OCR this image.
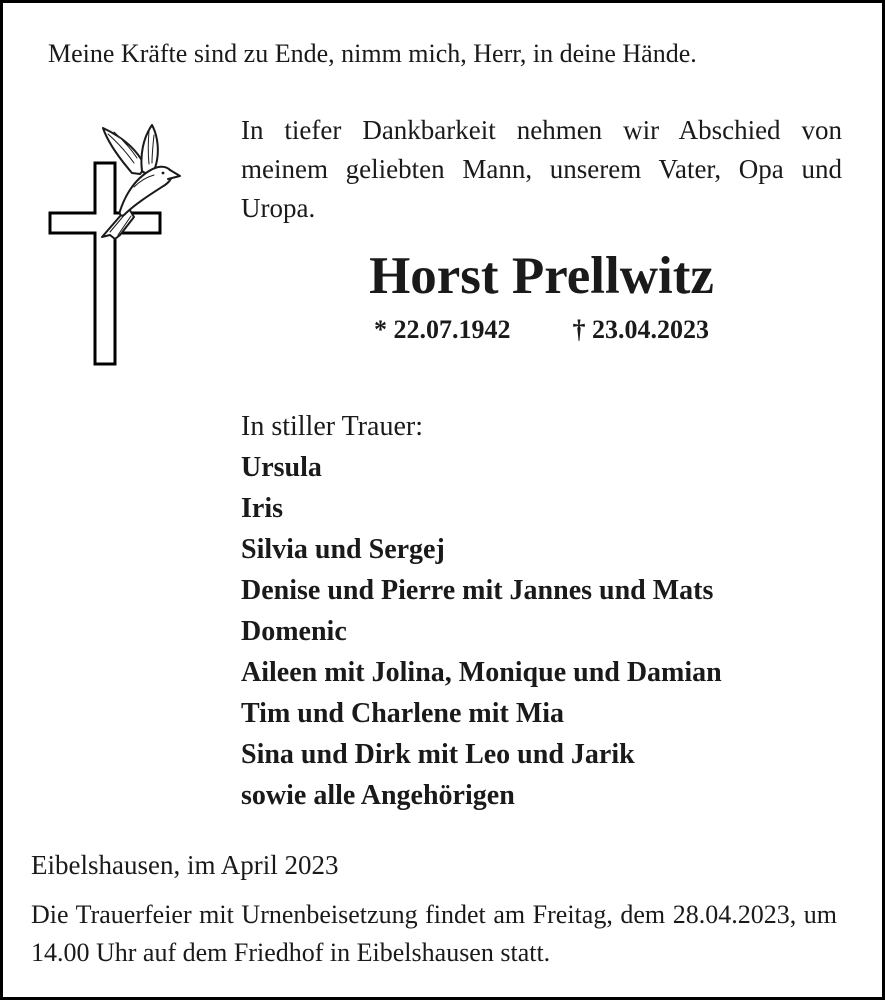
Meine Kräfte sind zu Ende, nimm mich, Herr, in deine Hände.
In tiefer Dankbarkeit nehmen wir Abschied von meinem geliebten Mann, unserem Vater, Opa und Uropa.
Horst Prellwitz
* 22.07.1942 † 23.04.2023
In stiller Trauer:
Ursula
Iris
Silvia und Sergej
Denise und Pierre mit Jannes und Mats
Domenic
Aileen mit Jolina, Monique und Damian
Tim und Charlene mit Mia
Sina und Dirk mit Leo und Jarik
sowie alle Angehörigen
Eibelshausen, im April 2023
Die Trauerfeier mit Urnenbeisetzung findet am Freitag, dem 28.04.2023, um 14.00 Uhr auf dem Friedhof in Eibelshausen statt.
